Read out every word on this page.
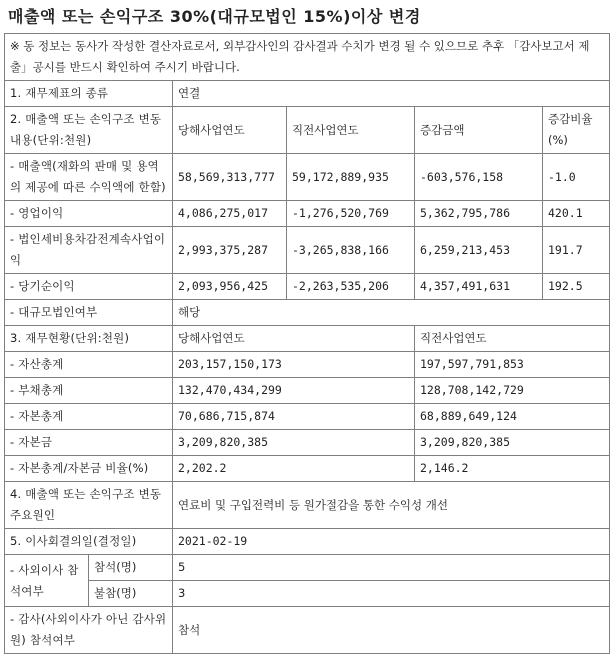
매출액 또는 손익구조 30%(대규모법인 15%)이상 변경
※ 동 정보는 동사가 작성한 결산자료로서, 외부감사인의 감사결과 수치가 변경 될 수 있으므로 추후 「감사보고서 제출」공시를 반드시 확인하여 주시기 바랍니다.					
1. 재무제표의 종류		연결			
2. 매출액 또는 손익구조 변동내용(단위:천원)		당해사업연도	직전사업연도	증감금액	증감비율(%)
- 매출액(재화의 판매 및 용역의 제공에 따른 수익액에 한함)		58,569,313,777	59,172,889,935	-603,576,158	-1.0
- 영업이익		4,086,275,017	-1,276,520,769	5,362,795,786	420.1
- 법인세비용차감전계속사업이익		2,993,375,287	-3,265,838,166	6,259,213,453	191.7
- 당기순이익		2,093,956,425	-2,263,535,206	4,357,491,631	192.5
- 대규모법인여부		해당			
3. 재무현황(단위:천원)		당해사업연도		직전사업연도	
- 자산총계		203,157,150,173		197,597,791,853	
- 부채총계		132,470,434,299		128,708,142,729	
- 자본총계		70,686,715,874		68,889,649,124	
- 자본금		3,209,820,385		3,209,820,385	
- 자본총계/자본금 비율(%)		2,202.2		2,146.2	
4. 매출액 또는 손익구조 변동 주요원인		연료비 및 구입전력비 등 원가절감을 통한 수익성 개선			
5. 이사회결의일(결정일)		2021-02-19			
- 사외이사 참석여부	참석(명)	5			
	불참(명)	3			
- 감사(사외이사가 아닌 감사위원) 참석여부		참석			
